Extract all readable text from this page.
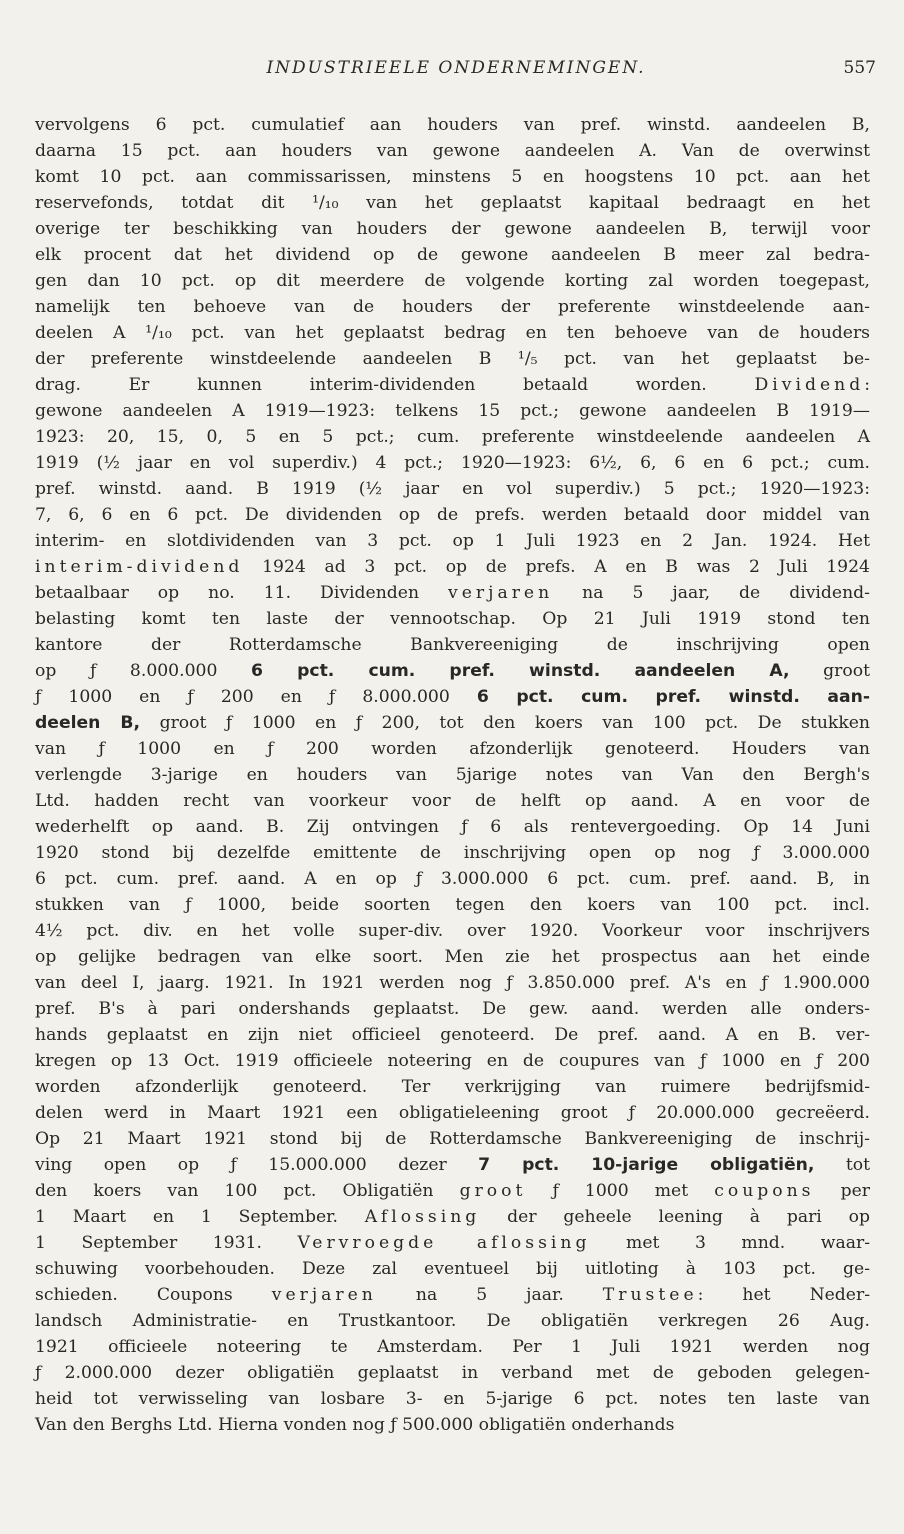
INDUSTRIEELE ONDERNEMINGEN.	557
vervolgens 6 pct. cumulatief aan houders van pref. winstd. aandeelen B,
daarna 15 pct. aan houders van gewone aandeelen A. Van de overwinst
komt 10 pct. aan commissarissen, minstens 5 en hoogstens 10 pct. aan het
reservefonds, totdat dit ¹/₁₀ van het geplaatst kapitaal bedraagt en het
overige ter beschikking van houders der gewone aandeelen B, terwijl voor
elk procent dat het dividend op de gewone aandeelen B meer zal bedra-
gen dan 10 pct. op dit meerdere de volgende korting zal worden toegepast,
namelijk ten behoeve van de houders der preferente winstdeelende aan-
deelen A ¹/₁₀ pct. van het geplaatst bedrag en ten behoeve van de houders
der preferente winstdeelende aandeelen B ¹/₅ pct. van het geplaatst be-
drag. Er kunnen interim-dividenden betaald worden. Dividend:
gewone aandeelen A 1919—1923: telkens 15 pct.; gewone aandeelen B 1919—
1923: 20, 15, 0, 5 en 5 pct.; cum. preferente winstdeelende aandeelen A
1919 (½ jaar en vol superdiv.) 4 pct.; 1920—1923: 6½, 6, 6 en 6 pct.; cum.
pref. winstd. aand. B 1919 (½ jaar en vol superdiv.) 5 pct.; 1920—1923:
7, 6, 6 en 6 pct. De dividenden op de prefs. werden betaald door middel van
interim- en slotdividenden van 3 pct. op 1 Juli 1923 en 2 Jan. 1924. Het
interim-dividend 1924 ad 3 pct. op de prefs. A en B was 2 Juli 1924
betaalbaar op no. 11. Dividenden verjaren na 5 jaar, de dividend-
belasting komt ten laste der vennootschap. Op 21 Juli 1919 stond ten
kantore der Rotterdamsche Bankvereeniging de inschrijving open
op ƒ 8.000.000 6 pct. cum. pref. winstd. aandeelen A, groot
ƒ 1000 en ƒ 200 en ƒ 8.000.000 6 pct. cum. pref. winstd. aan-
deelen B, groot ƒ 1000 en ƒ 200, tot den koers van 100 pct. De stukken
van ƒ 1000 en ƒ 200 worden afzonderlijk genoteerd. Houders van
verlengde 3-jarige en houders van 5jarige notes van Van den Bergh's
Ltd. hadden recht van voorkeur voor de helft op aand. A en voor de
wederhelft op aand. B. Zij ontvingen ƒ 6 als rentevergoeding. Op 14 Juni
1920 stond bij dezelfde emittente de inschrijving open op nog ƒ 3.000.000
6 pct. cum. pref. aand. A en op ƒ 3.000.000 6 pct. cum. pref. aand. B, in
stukken van ƒ 1000, beide soorten tegen den koers van 100 pct. incl.
4½ pct. div. en het volle super-div. over 1920. Voorkeur voor inschrijvers
op gelijke bedragen van elke soort. Men zie het prospectus aan het einde
van deel I, jaarg. 1921. In 1921 werden nog ƒ 3.850.000 pref. A's en ƒ 1.900.000
pref. B's à pari ondershands geplaatst. De gew. aand. werden alle onders-
hands geplaatst en zijn niet officieel genoteerd. De pref. aand. A en B. ver-
kregen op 13 Oct. 1919 officieele noteering en de coupures van ƒ 1000 en ƒ 200
worden afzonderlijk genoteerd. Ter verkrijging van ruimere bedrijfsmid-
delen werd in Maart 1921 een obligatieleening groot ƒ 20.000.000 gecreëerd.
Op 21 Maart 1921 stond bij de Rotterdamsche Bankvereeniging de inschrij-
ving open op ƒ 15.000.000 dezer 7 pct. 10-jarige obligatiën, tot
den koers van 100 pct. Obligatiën groot ƒ 1000 met coupons per
1 Maart en 1 September. Aflossing der geheele leening à pari op
1 September 1931. Vervroegde aflossing met 3 mnd. waar-
schuwing voorbehouden. Deze zal eventueel bij uitloting à 103 pct. ge-
schieden. Coupons verjaren na 5 jaar. Trustee: het Neder-
landsch Administratie- en Trustkantoor. De obligatiën verkregen 26 Aug.
1921 officieele noteering te Amsterdam. Per 1 Juli 1921 werden nog
ƒ 2.000.000 dezer obligatiën geplaatst in verband met de geboden gelegen-
heid tot verwisseling van losbare 3- en 5-jarige 6 pct. notes ten laste van
Van den Berghs Ltd. Hierna vonden nog ƒ 500.000 obligatiën onderhands
